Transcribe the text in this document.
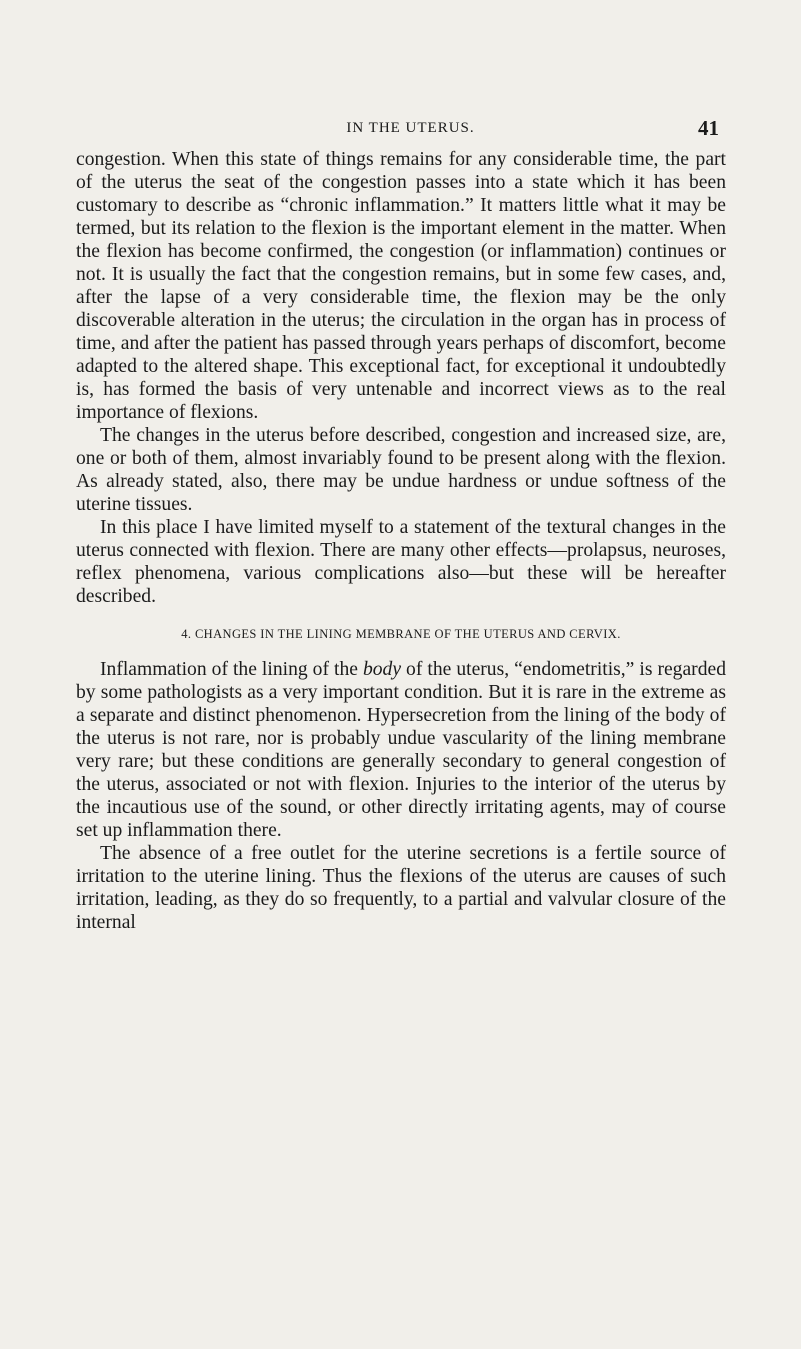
IN THE UTERUS.	41

congestion. When this state of things remains for any considerable time, the part of the uterus the seat of the congestion passes into a state which it has been customary to describe as “chronic inflammation.” It matters little what it may be termed, but its relation to the flexion is the important element in the matter. When the flexion has become confirmed, the congestion (or inflammation) continues or not. It is usually the fact that the congestion remains, but in some few cases, and, after the lapse of a very considerable time, the flexion may be the only discoverable alteration in the uterus; the circulation in the organ has in process of time, and after the patient has passed through years perhaps of discomfort, become adapted to the altered shape. This exceptional fact, for exceptional it undoubtedly is, has formed the basis of very untenable and incorrect views as to the real importance of flexions.

The changes in the uterus before described, congestion and increased size, are, one or both of them, almost invariably found to be present along with the flexion. As already stated, also, there may be undue hardness or undue softness of the uterine tissues.

In this place I have limited myself to a statement of the textural changes in the uterus connected with flexion. There are many other effects—prolapsus, neuroses, reflex phenomena, various complications also—but these will be hereafter described.

4. CHANGES IN THE LINING MEMBRANE OF THE UTERUS AND CERVIX.

Inflammation of the lining of the body of the uterus, “endometritis,” is regarded by some pathologists as a very important condition. But it is rare in the extreme as a separate and distinct phenomenon. Hypersecretion from the lining of the body of the uterus is not rare, nor is probably undue vascularity of the lining membrane very rare; but these conditions are generally secondary to general congestion of the uterus, associated or not with flexion. Injuries to the interior of the uterus by the incautious use of the sound, or other directly irritating agents, may of course set up inflammation there.

The absence of a free outlet for the uterine secretions is a fertile source of irritation to the uterine lining. Thus the flexions of the uterus are causes of such irritation, leading, as they do so frequently, to a partial and valvular closure of the internal
